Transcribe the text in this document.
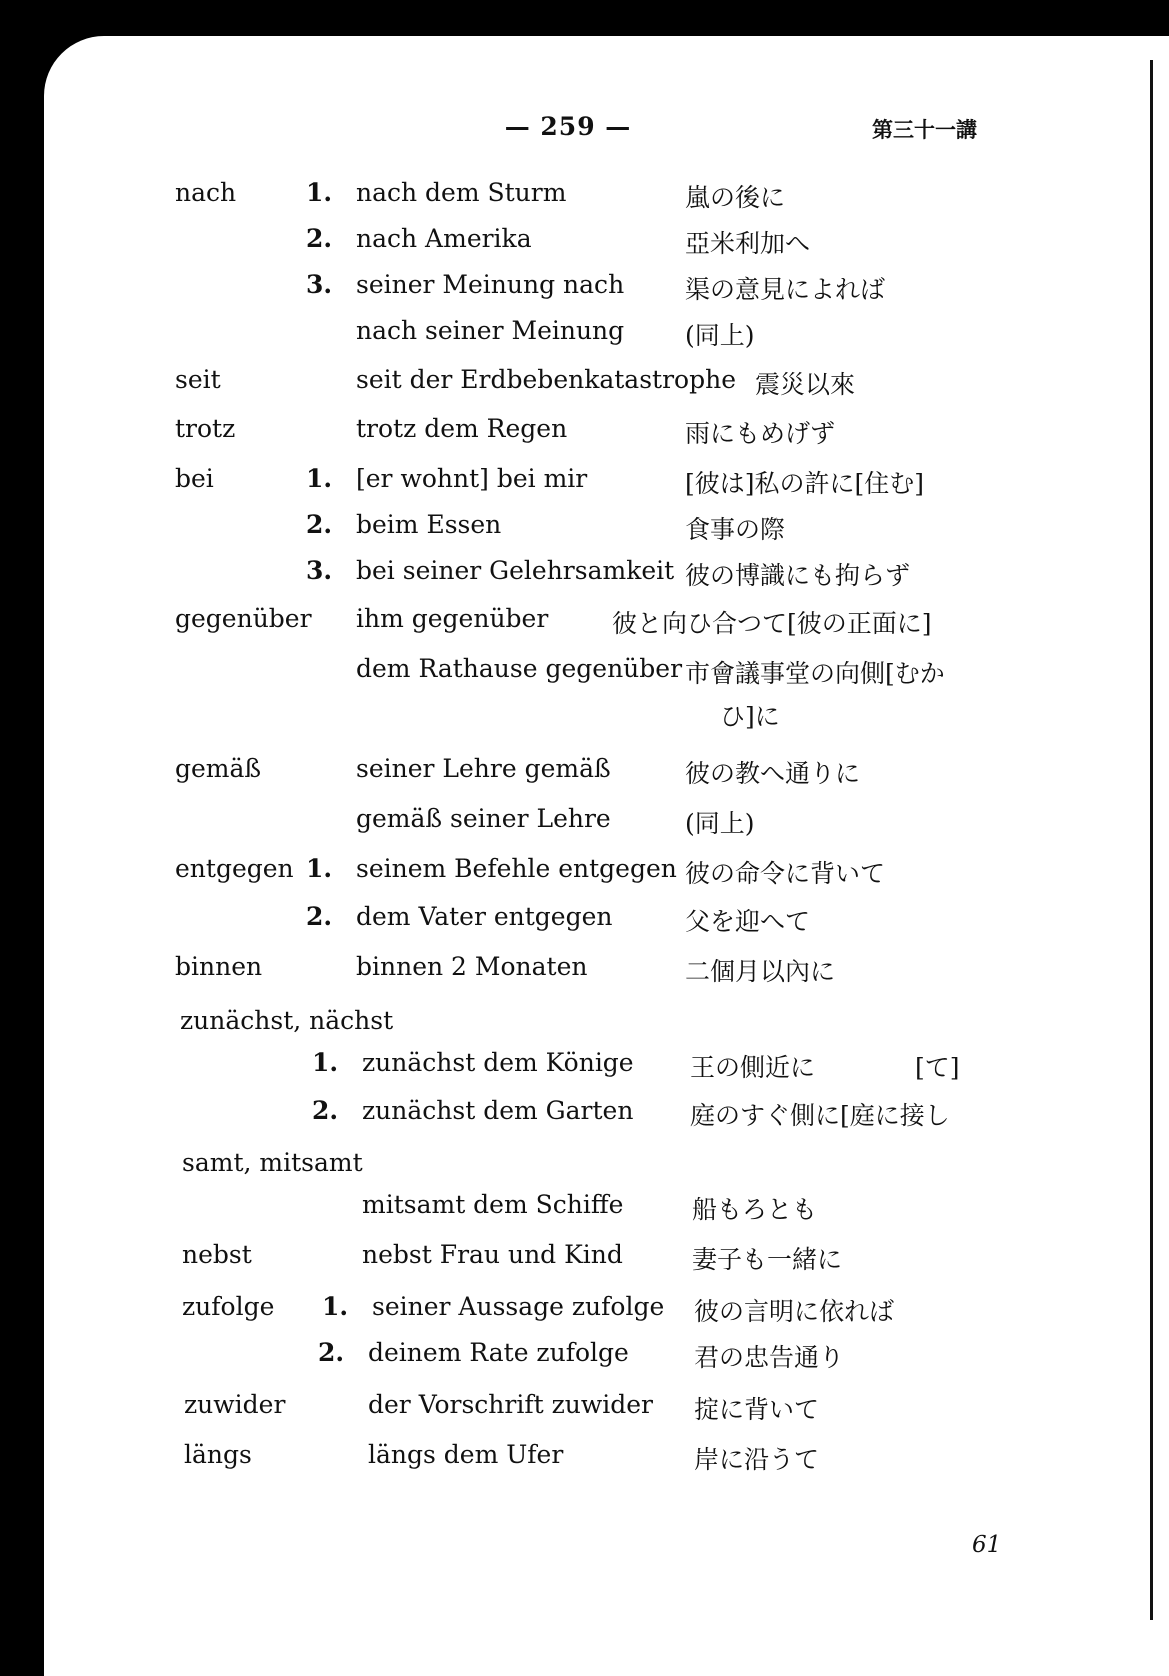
— 259 —	第三十一講
nach	1. nach dem Sturm	嵐の後に
2. nach Amerika	亞米利加へ
3. seiner Meinung nach 渠の意見によれば
nach seiner Meinung (同上)
seit	seit der Erdbebenkatastrophe 震災以來
trotz	trotz dem Regen	雨にもめげず
bei	1. [er wohnt] bei mir	[彼は]私の許に[住む]
2. beim Essen	食事の際
3. bei seiner Gelehrsamkeit 彼の博識にも拘らず
gegenüber ihm gegenüber	彼と向ひ合つて[彼の正面に]
dem Rathause gegenüber 市會議事堂の向側[むか
ひ]に
gemäß	seiner Lehre gemäß	彼の教へ通りに
gemäß seiner Lehre	(同上)
entgegen 1. seinem Befehle entgegen 彼の命令に背いて
2. dem Vater entgegen	父を迎へて
binnen	binnen 2 Monaten	二個月以內に
zunächst, nächst
1. zunächst dem Könige 王の側近に　　　　[て]
2. zunächst dem Garten 庭のすぐ側に[庭に接し
samt, mitsamt
mitsamt dem Schiffe	船もろとも
nebst	nebst Frau und Kind	妻子も一緒に
zufolge 1. seiner Aussage zufolge 彼の言明に依れば
2. deinem Rate zufolge	君の忠告通り
zuwider	der Vorschrift zuwider 掟に背いて
längs	längs dem Ufer	岸に沿うて
61
